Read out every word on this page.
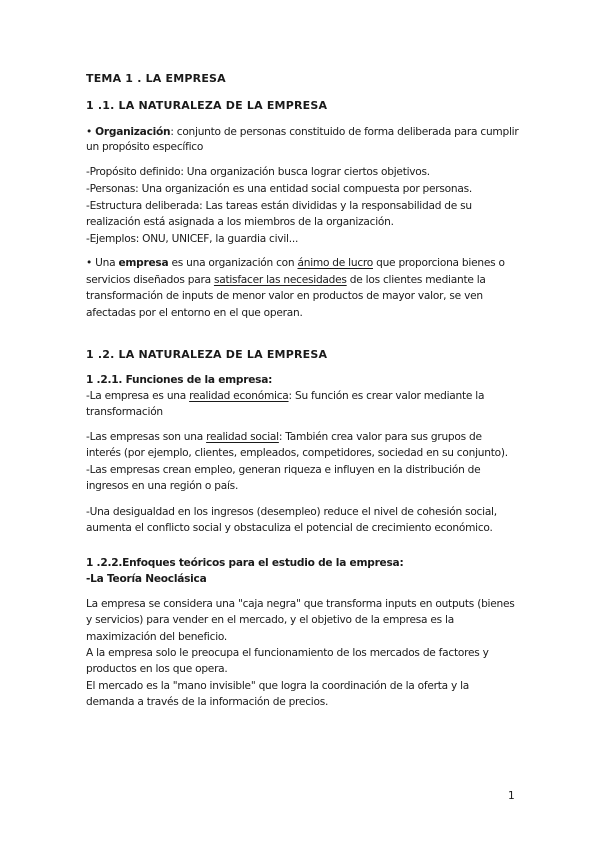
TEMA 1 . LA EMPRESA
1 .1. LA NATURALEZA DE LA EMPRESA
• Organización: conjunto de personas constituido de forma deliberada para cumplir
un propósito específico
-Propósito definido: Una organización busca lograr ciertos objetivos.
-Personas: Una organización es una entidad social compuesta por personas.
-Estructura deliberada: Las tareas están divididas y la responsabilidad de su
realización está asignada a los miembros de la organización.
-Ejemplos: ONU, UNICEF, la guardia civil...
• Una empresa es una organización con ánimo de lucro que proporciona bienes o
servicios diseñados para satisfacer las necesidades de los clientes mediante la
transformación de inputs de menor valor en productos de mayor valor, se ven
afectadas por el entorno en el que operan.
1 .2. LA NATURALEZA DE LA EMPRESA
1 .2.1. Funciones de la empresa:
-La empresa es una realidad económica: Su función es crear valor mediante la
transformación
-Las empresas son una realidad social: También crea valor para sus grupos de
interés (por ejemplo, clientes, empleados, competidores, sociedad en su conjunto).
-Las empresas crean empleo, generan riqueza e influyen en la distribución de
ingresos en una región o país.
-Una desigualdad en los ingresos (desempleo) reduce el nivel de cohesión social,
aumenta el conflicto social y obstaculiza el potencial de crecimiento económico.
1 .2.2.Enfoques teóricos para el estudio de la empresa:
-La Teoría Neoclásica
La empresa se considera una "caja negra" que transforma inputs en outputs (bienes
y servicios) para vender en el mercado, y el objetivo de la empresa es la
maximización del beneficio.
A la empresa solo le preocupa el funcionamiento de los mercados de factores y
productos en los que opera.
El mercado es la "mano invisible" que logra la coordinación de la oferta y la
demanda a través de la información de precios.
1
